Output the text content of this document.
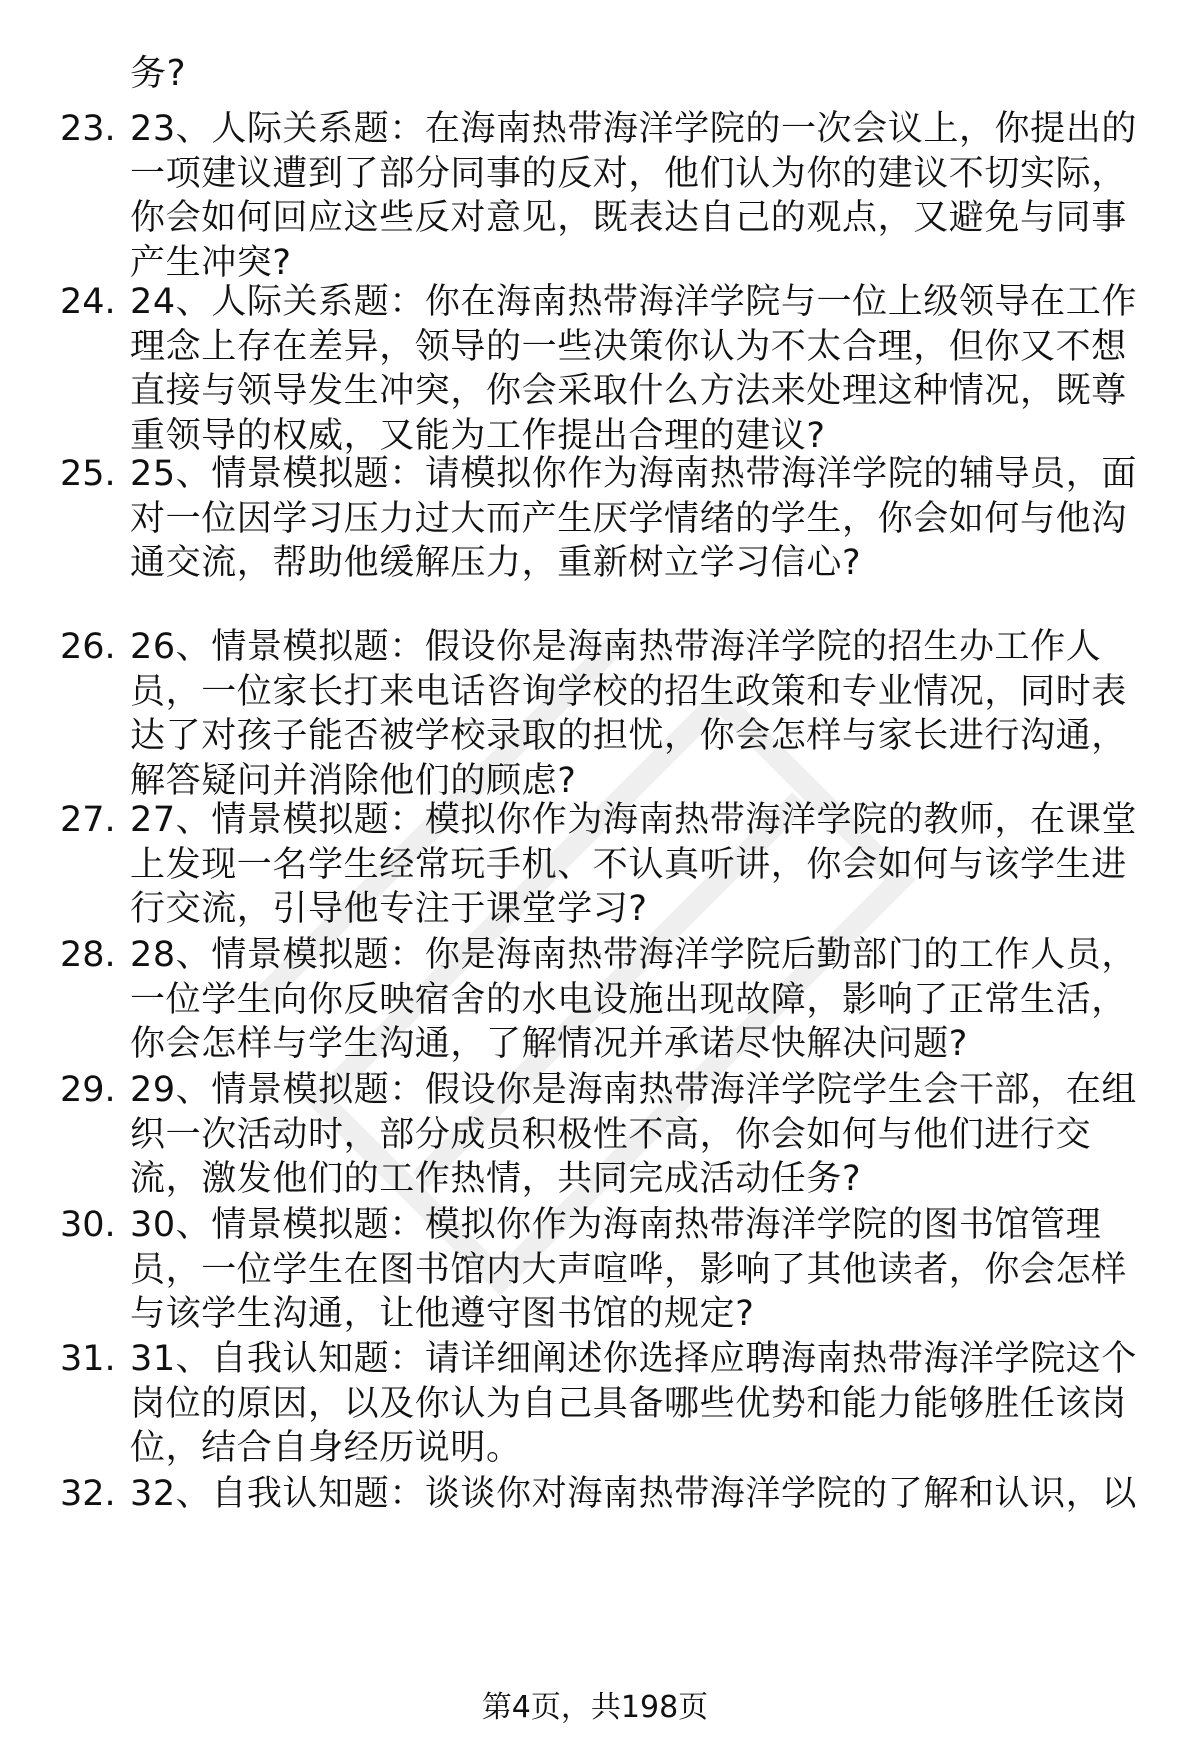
务?
23. 23、人际关系题：在海南热带海洋学院的一次会议上，你提出的一项建议遭到了部分同事的反对，他们认为你的建议不切实际，你会如何回应这些反对意见，既表达自己的观点，又避免与同事产生冲突?
24. 24、人际关系题：你在海南热带海洋学院与一位上级领导在工作理念上存在差异，领导的一些决策你认为不太合理，但你又不想直接与领导发生冲突，你会采取什么方法来处理这种情况，既尊重领导的权威，又能为工作提出合理的建议?
25. 25、情景模拟题：请模拟你作为海南热带海洋学院的辅导员，面对一位因学习压力过大而产生厌学情绪的学生，你会如何与他沟通交流，帮助他缓解压力，重新树立学习信心?
26. 26、情景模拟题：假设你是海南热带海洋学院的招生办工作人员，一位家长打来电话咨询学校的招生政策和专业情况，同时表达了对孩子能否被学校录取的担忧，你会怎样与家长进行沟通，解答疑问并消除他们的顾虑?
27. 27、情景模拟题：模拟你作为海南热带海洋学院的教师，在课堂上发现一名学生经常玩手机、不认真听讲，你会如何与该学生进行交流，引导他专注于课堂学习?
28. 28、情景模拟题：你是海南热带海洋学院后勤部门的工作人员，一位学生向你反映宿舍的水电设施出现故障，影响了正常生活，你会怎样与学生沟通，了解情况并承诺尽快解决问题?
29. 29、情景模拟题：假设你是海南热带海洋学院学生会干部，在组织一次活动时，部分成员积极性不高，你会如何与他们进行交流，激发他们的工作热情，共同完成活动任务?
30. 30、情景模拟题：模拟你作为海南热带海洋学院的图书馆管理员，一位学生在图书馆内大声喧哗，影响了其他读者，你会怎样与该学生沟通，让他遵守图书馆的规定?
31. 31、自我认知题：请详细阐述你选择应聘海南热带海洋学院这个岗位的原因，以及你认为自己具备哪些优势和能力能够胜任该岗位，结合自身经历说明。
32. 32、自我认知题：谈谈你对海南热带海洋学院的了解和认识，以
第4页，共198页
